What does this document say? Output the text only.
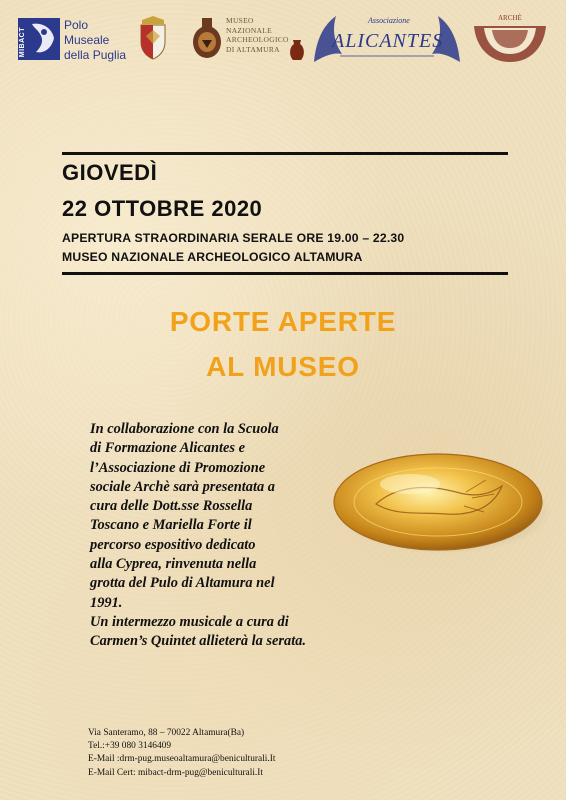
MIBACT
Polo
Museale
della Puglia
MUSEO
NAZIONALE
ARCHEOLOGICO
DI ALTAMURA
Associazione
ALICANTES
ARCHÈ
GIOVEDÌ
22 OTTOBRE 2020
APERTURA STRAORDINARIA SERALE ORE 19.00 – 22.30
MUSEO NAZIONALE ARCHEOLOGICO ALTAMURA
PORTE APERTE
AL MUSEO
In collaborazione con la Scuola
di Formazione Alicantes e
l’Associazione di Promozione
sociale Archè sarà presentata a
cura delle Dott.sse Rossella
Toscano e Mariella Forte il
percorso espositivo dedicato
alla Cyprea, rinvenuta nella
grotta del Pulo di Altamura nel
1991.
Un intermezzo musicale a cura di
Carmen’s Quintet allieterà la serata.
Via Santeramo, 88 – 70022 Altamura(Ba)
Tel.:+39 080 3146409
E-Mail :drm-pug.museoaltamura@beniculturali.It
E-Mail Cert: mibact-drm-pug@beniculturali.It
